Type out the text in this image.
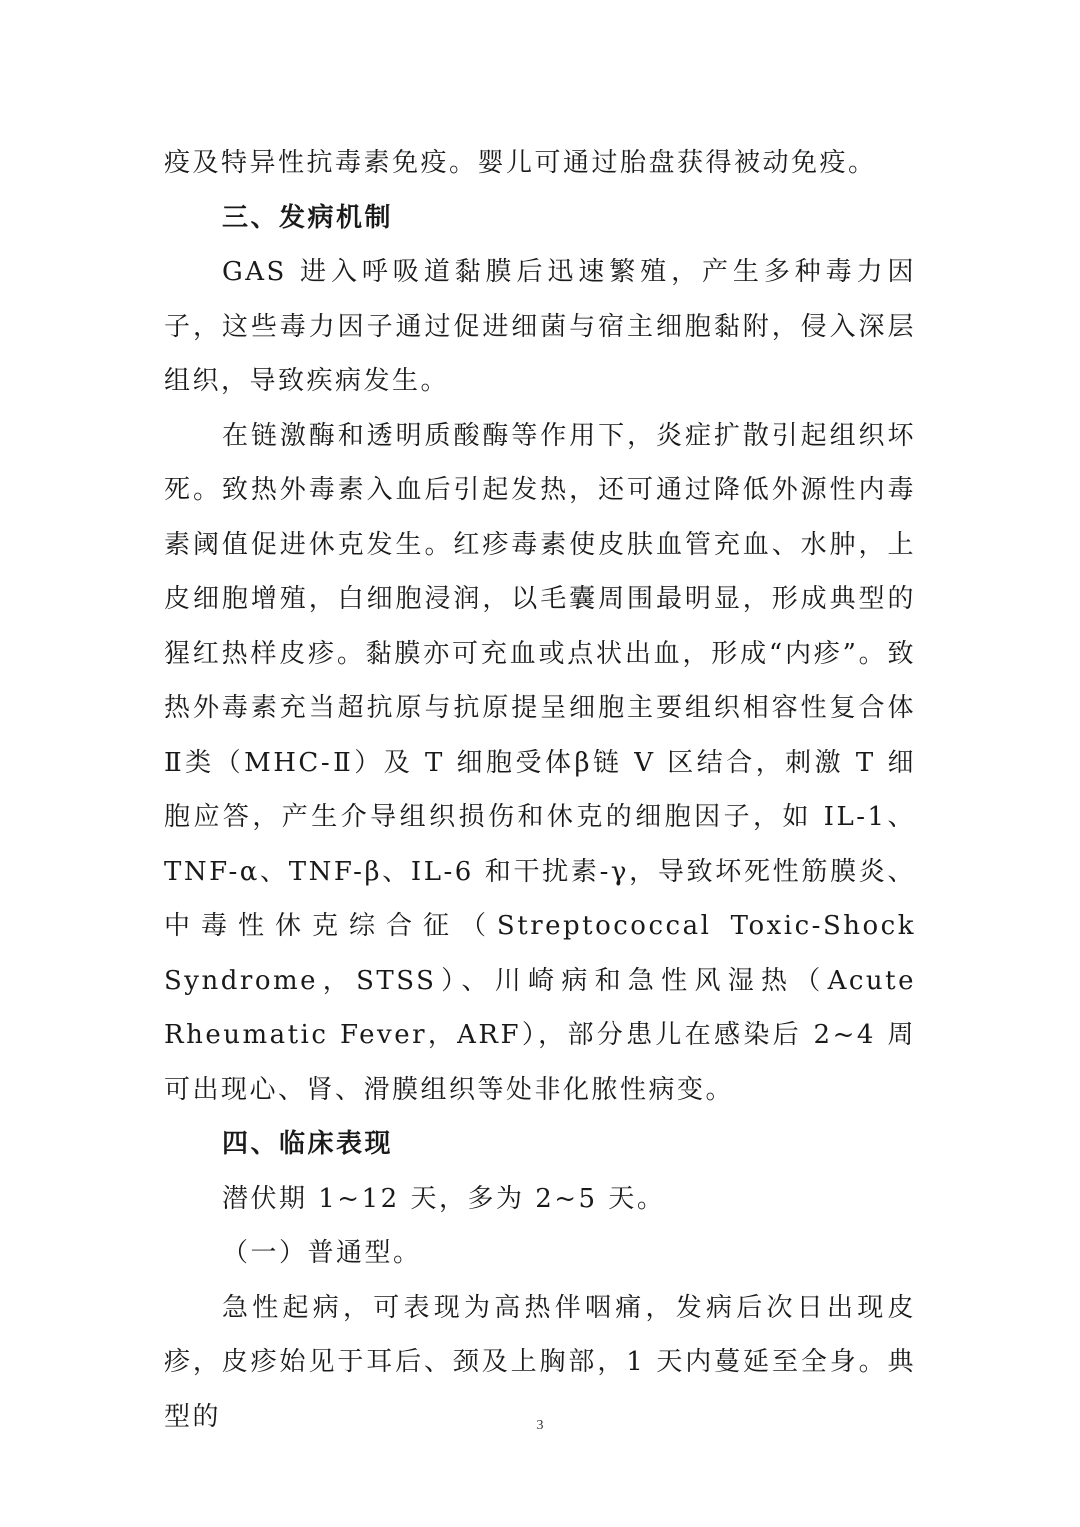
疫及特异性抗毒素免疫。婴儿可通过胎盘获得被动免疫。

三、发病机制

GAS 进入呼吸道黏膜后迅速繁殖，产生多种毒力因子，这些毒力因子通过促进细菌与宿主细胞黏附，侵入深层组织，导致疾病发生。

在链激酶和透明质酸酶等作用下，炎症扩散引起组织坏死。致热外毒素入血后引起发热，还可通过降低外源性内毒素阈值促进休克发生。红疹毒素使皮肤血管充血、水肿，上皮细胞增殖，白细胞浸润，以毛囊周围最明显，形成典型的猩红热样皮疹。黏膜亦可充血或点状出血，形成“内疹”。致热外毒素充当超抗原与抗原提呈细胞主要组织相容性复合体Ⅱ类（MHC-Ⅱ）及 T 细胞受体β链 V 区结合，刺激 T 细胞应答，产生介导组织损伤和休克的细胞因子，如 IL-1、TNF-α、TNF-β、IL-6 和干扰素-γ，导致坏死性筋膜炎、中毒性休克综合征（Streptococcal Toxic-Shock Syndrome，STSS）、川崎病和急性风湿热（Acute Rheumatic Fever，ARF），部分患儿在感染后 2~4 周可出现心、肾、滑膜组织等处非化脓性病变。

四、临床表现

潜伏期 1~12 天，多为 2~5 天。

（一）普通型。

急性起病，可表现为高热伴咽痛，发病后次日出现皮疹，皮疹始见于耳后、颈及上胸部，1 天内蔓延至全身。典型的	3
